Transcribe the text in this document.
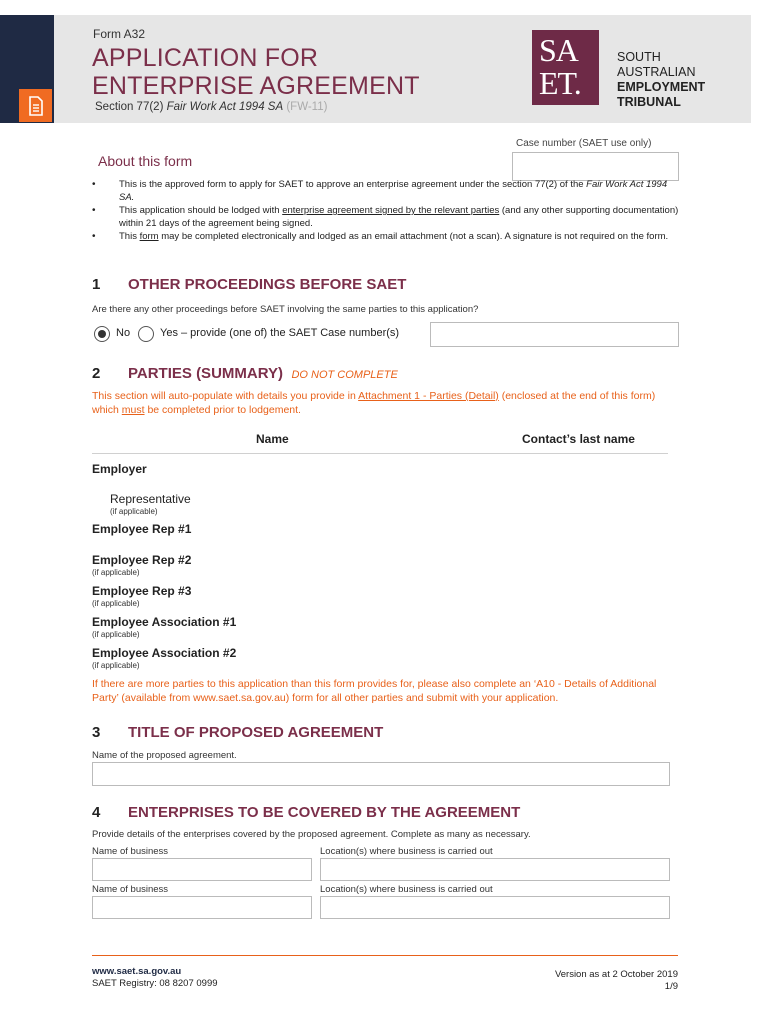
Form A32
APPLICATION FOR
ENTERPRISE AGREEMENT
Section 77(2) Fair Work Act 1994 SA (FW-11)
SA
ET.
SOUTH
AUSTRALIAN
EMPLOYMENT
TRIBUNAL
Case number (SAET use only)
About this form
• This is the approved form to apply for SAET to approve an enterprise agreement under the section 77(2) of the Fair Work Act 1994 SA.
• This application should be lodged with enterprise agreement signed by the relevant parties (and any other supporting documentation) within 21 days of the agreement being signed.
• This form may be completed electronically and lodged as an email attachment (not a scan). A signature is not required on the form.
1 OTHER PROCEEDINGS BEFORE SAET
Are there any other proceedings before SAET involving the same parties to this application?
No	Yes – provide (one of) the SAET Case number(s)
2 PARTIES (SUMMARY) DO NOT COMPLETE
This section will auto-populate with details you provide in Attachment 1 - Parties (Detail) (enclosed at the end of this form) which must be completed prior to lodgement.
Name	Contact’s last name
Employer
Representative
(if applicable)
Employee Rep #1
Employee Rep #2
(if applicable)
Employee Rep #3
(if applicable)
Employee Association #1
(if applicable)
Employee Association #2
(if applicable)
If there are more parties to this application than this form provides for, please also complete an ‘A10 - Details of Additional Party’ (available from www.saet.sa.gov.au) form for all other parties and submit with your application.
3 TITLE OF PROPOSED AGREEMENT
Name of the proposed agreement.
4 ENTERPRISES TO BE COVERED BY THE AGREEMENT
Provide details of the enterprises covered by the proposed agreement. Complete as many as necessary.
Name of business	Location(s) where business is carried out
Name of business	Location(s) where business is carried out
www.saet.sa.gov.au
SAET Registry: 08 8207 0999
Version as at 2 October 2019
1/9
